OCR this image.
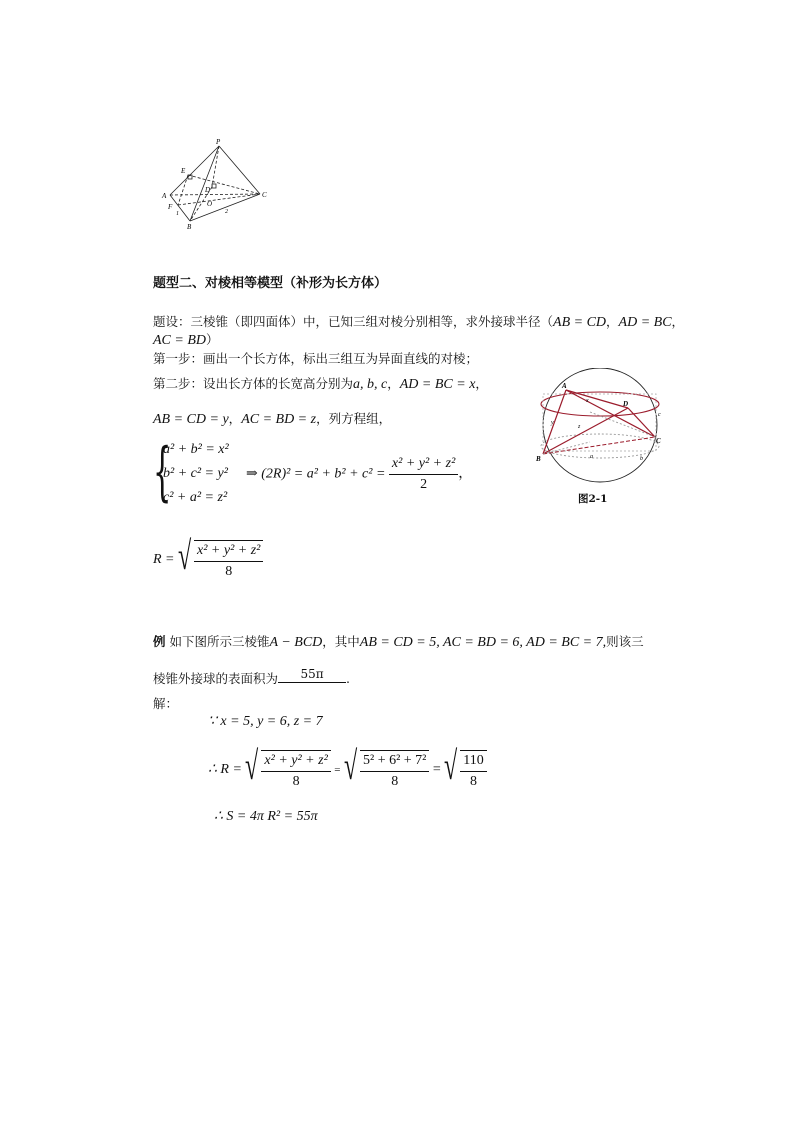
P
E
A
F
B
C
D
O
1	2
题型二、对棱相等模型（补形为长方体）
题设：三棱锥（即四面体）中，已知三组对棱分别相等，求外接球半径（AB = CD，AD = BC，
AC = BD）
第一步：画出一个长方体，标出三组互为异面直线的对棱；
第二步：设出长方体的长宽高分别为a, b, c，AD = BC = x，
AB = CD = y，AC = BD = z，列方程组，
{
a² + b² = x²
b² + c² = y²
c² + a² = z²
⇒ $(2R)^2 = a^2 + b^2 + c^2 = \frac{\text{x² + y² + z²}}{2}$ ，
R = √ $\frac{\text{x² + y² + z²}}{8}$
A
B
C
D
x
y
z
a	b
c
图2-1
例 如下图所示三棱锥A − BCD，其中AB = CD = 5, AC = BD = 6, AD = BC = 7,则该三
棱锥外接球的表面积为 55π .
解：
∵ x = 5, y = 6, z = 7
∴ R = √ $\frac{\text{x² + y² + z²}}{8}$ = √ $\frac{\text{5² + 6² + 7²}}{8}$ = √ $\frac{110}{8}$
∴ S = 4π R² = 55π
